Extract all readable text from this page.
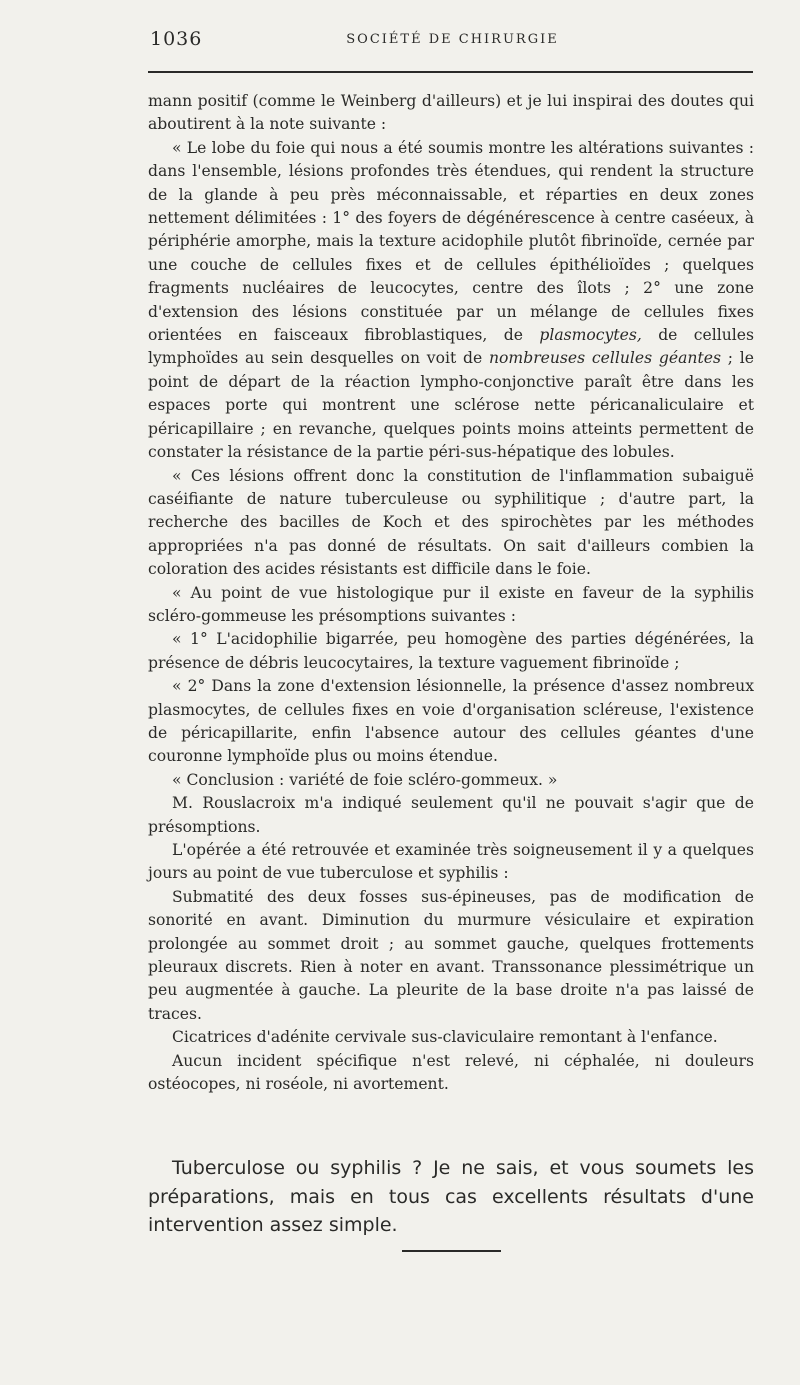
1036	SOCIÉTÉ DE CHIRURGIE

mann positif (comme le Weinberg d'ailleurs) et je lui inspirai des doutes qui aboutirent à la note suivante :

« Le lobe du foie qui nous a été soumis montre les altérations suivantes : dans l'ensemble, lésions profondes très étendues, qui rendent la structure de la glande à peu près méconnaissable, et réparties en deux zones nettement délimitées : 1° des foyers de dégénérescence à centre caséeux, à périphérie amorphe, mais la texture acidophile plutôt fibrinoïde, cernée par une couche de cellules fixes et de cellules épithélioïdes ; quelques fragments nucléaires de leucocytes, centre des îlots ; 2° une zone d'extension des lésions constituée par un mélange de cellules fixes orientées en faisceaux fibroblastiques, de plasmocytes, de cellules lymphoïdes au sein desquelles on voit de nombreuses cellules géantes ; le point de départ de la réaction lympho-conjonctive paraît être dans les espaces porte qui montrent une sclérose nette péricanaliculaire et péricapillaire ; en revanche, quelques points moins atteints permettent de constater la résistance de la partie péri-sus-hépatique des lobules.

« Ces lésions offrent donc la constitution de l'inflammation subaiguë caséifiante de nature tuberculeuse ou syphilitique ; d'autre part, la recherche des bacilles de Koch et des spirochètes par les méthodes appropriées n'a pas donné de résultats. On sait d'ailleurs combien la coloration des acides résistants est difficile dans le foie.

« Au point de vue histologique pur il existe en faveur de la syphilis scléro-gommeuse les présomptions suivantes :

« 1° L'acidophilie bigarrée, peu homogène des parties dégénérées, la présence de débris leucocytaires, la texture vaguement fibrinoïde ;

« 2° Dans la zone d'extension lésionnelle, la présence d'assez nombreux plasmocytes, de cellules fixes en voie d'organisation scléreuse, l'existence de péricapillarite, enfin l'absence autour des cellules géantes d'une couronne lymphoïde plus ou moins étendue.

« Conclusion : variété de foie scléro-gommeux. »

M. Rouslacroix m'a indiqué seulement qu'il ne pouvait s'agir que de présomptions.

L'opérée a été retrouvée et examinée très soigneusement il y a quelques jours au point de vue tuberculose et syphilis :

Submatité des deux fosses sus-épineuses, pas de modification de sonorité en avant. Diminution du murmure vésiculaire et expiration prolongée au sommet droit ; au sommet gauche, quelques frottements pleuraux discrets. Rien à noter en avant. Transsonance plessimétrique un peu augmentée à gauche. La pleurite de la base droite n'a pas laissé de traces.

Cicatrices d'adénite cervivale sus-claviculaire remontant à l'enfance.

Aucun incident spécifique n'est relevé, ni céphalée, ni douleurs ostéocopes, ni roséole, ni avortement.

Tuberculose ou syphilis ? Je ne sais, et vous soumets les préparations, mais en tous cas excellents résultats d'une intervention assez simple.
